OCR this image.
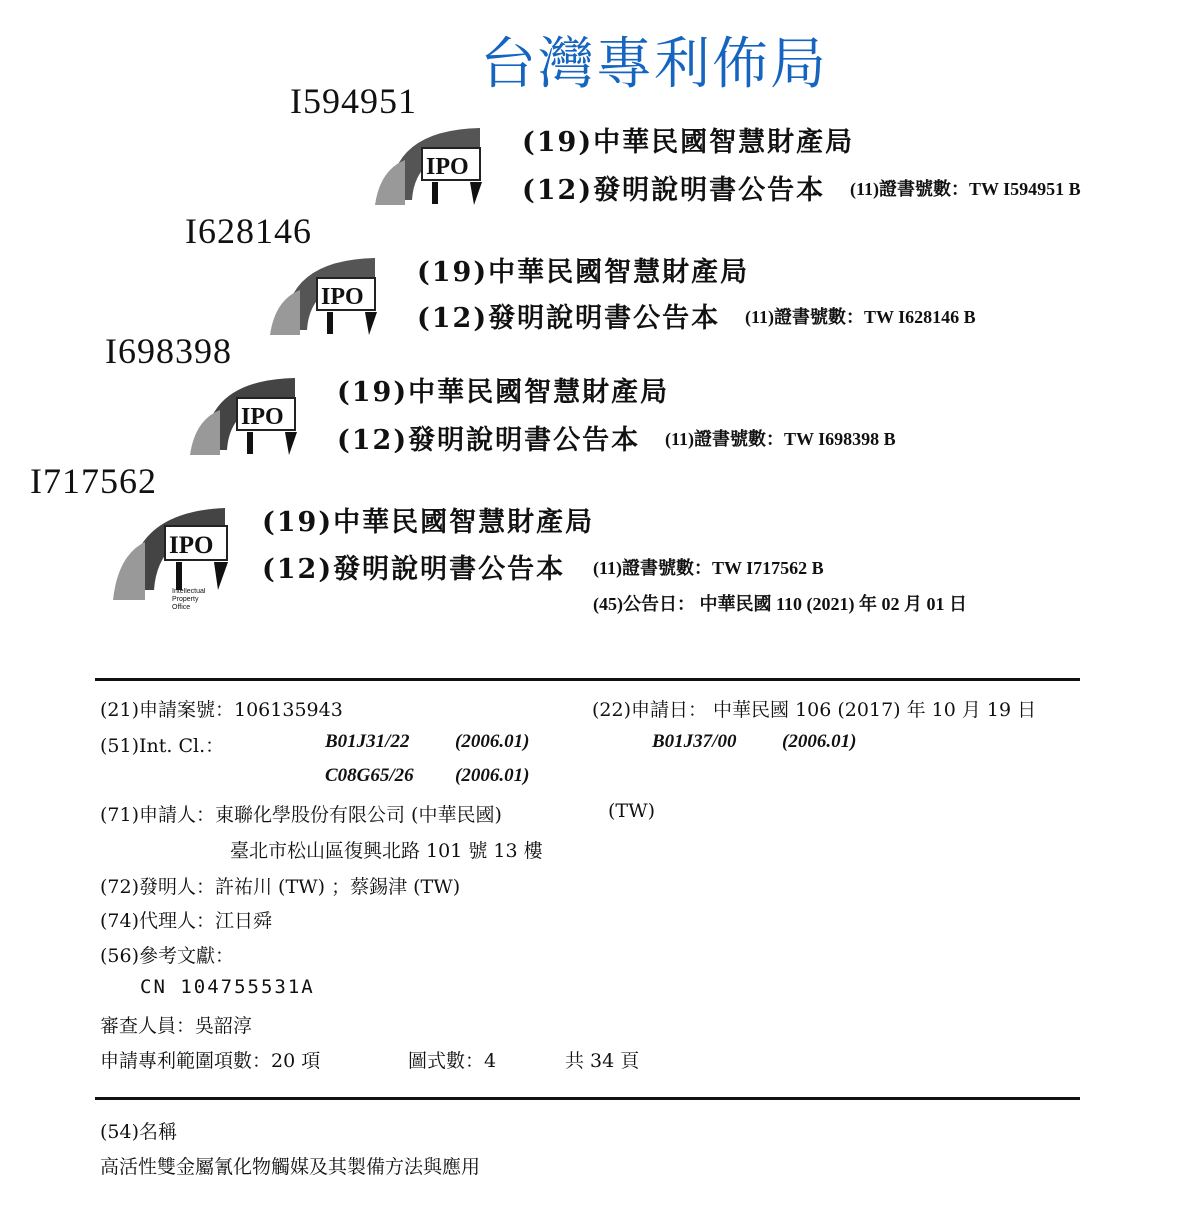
台灣專利佈局
I594951
IPO
(19)中華民國智慧財產局
(12)發明說明書公告本 (11)證書號數：TW I594951 B
I628146
IPO
(19)中華民國智慧財產局
(12)發明說明書公告本 (11)證書號數：TW I628146 B
I698398
IPO
(19)中華民國智慧財產局
(12)發明說明書公告本 (11)證書號數：TW I698398 B
I717562
IPO
Intellectual Property Office
(19)中華民國智慧財產局
(12)發明說明書公告本 (11)證書號數：TW I717562 B
(45)公告日： 中華民國 110 (2021) 年 02 月 01 日
(21)申請案號：106135943	(22)申請日： 中華民國 106 (2017) 年 10 月 19 日
(51)Int. Cl.：	B01J31/22 (2006.01)	B01J37/00 (2006.01)
C08G65/26 (2006.01)
(71)申請人：東聯化學股份有限公司 (中華民國)	(TW)
臺北市松山區復興北路 101 號 13 樓
(72)發明人：許祐川 (TW) ；蔡錫津 (TW)
(74)代理人：江日舜
(56)參考文獻：
CN 104755531A
審查人員：吳韶淳
申請專利範圍項數：20 項	圖式數：4	共 34 頁
(54)名稱
高活性雙金屬氰化物觸媒及其製備方法與應用
